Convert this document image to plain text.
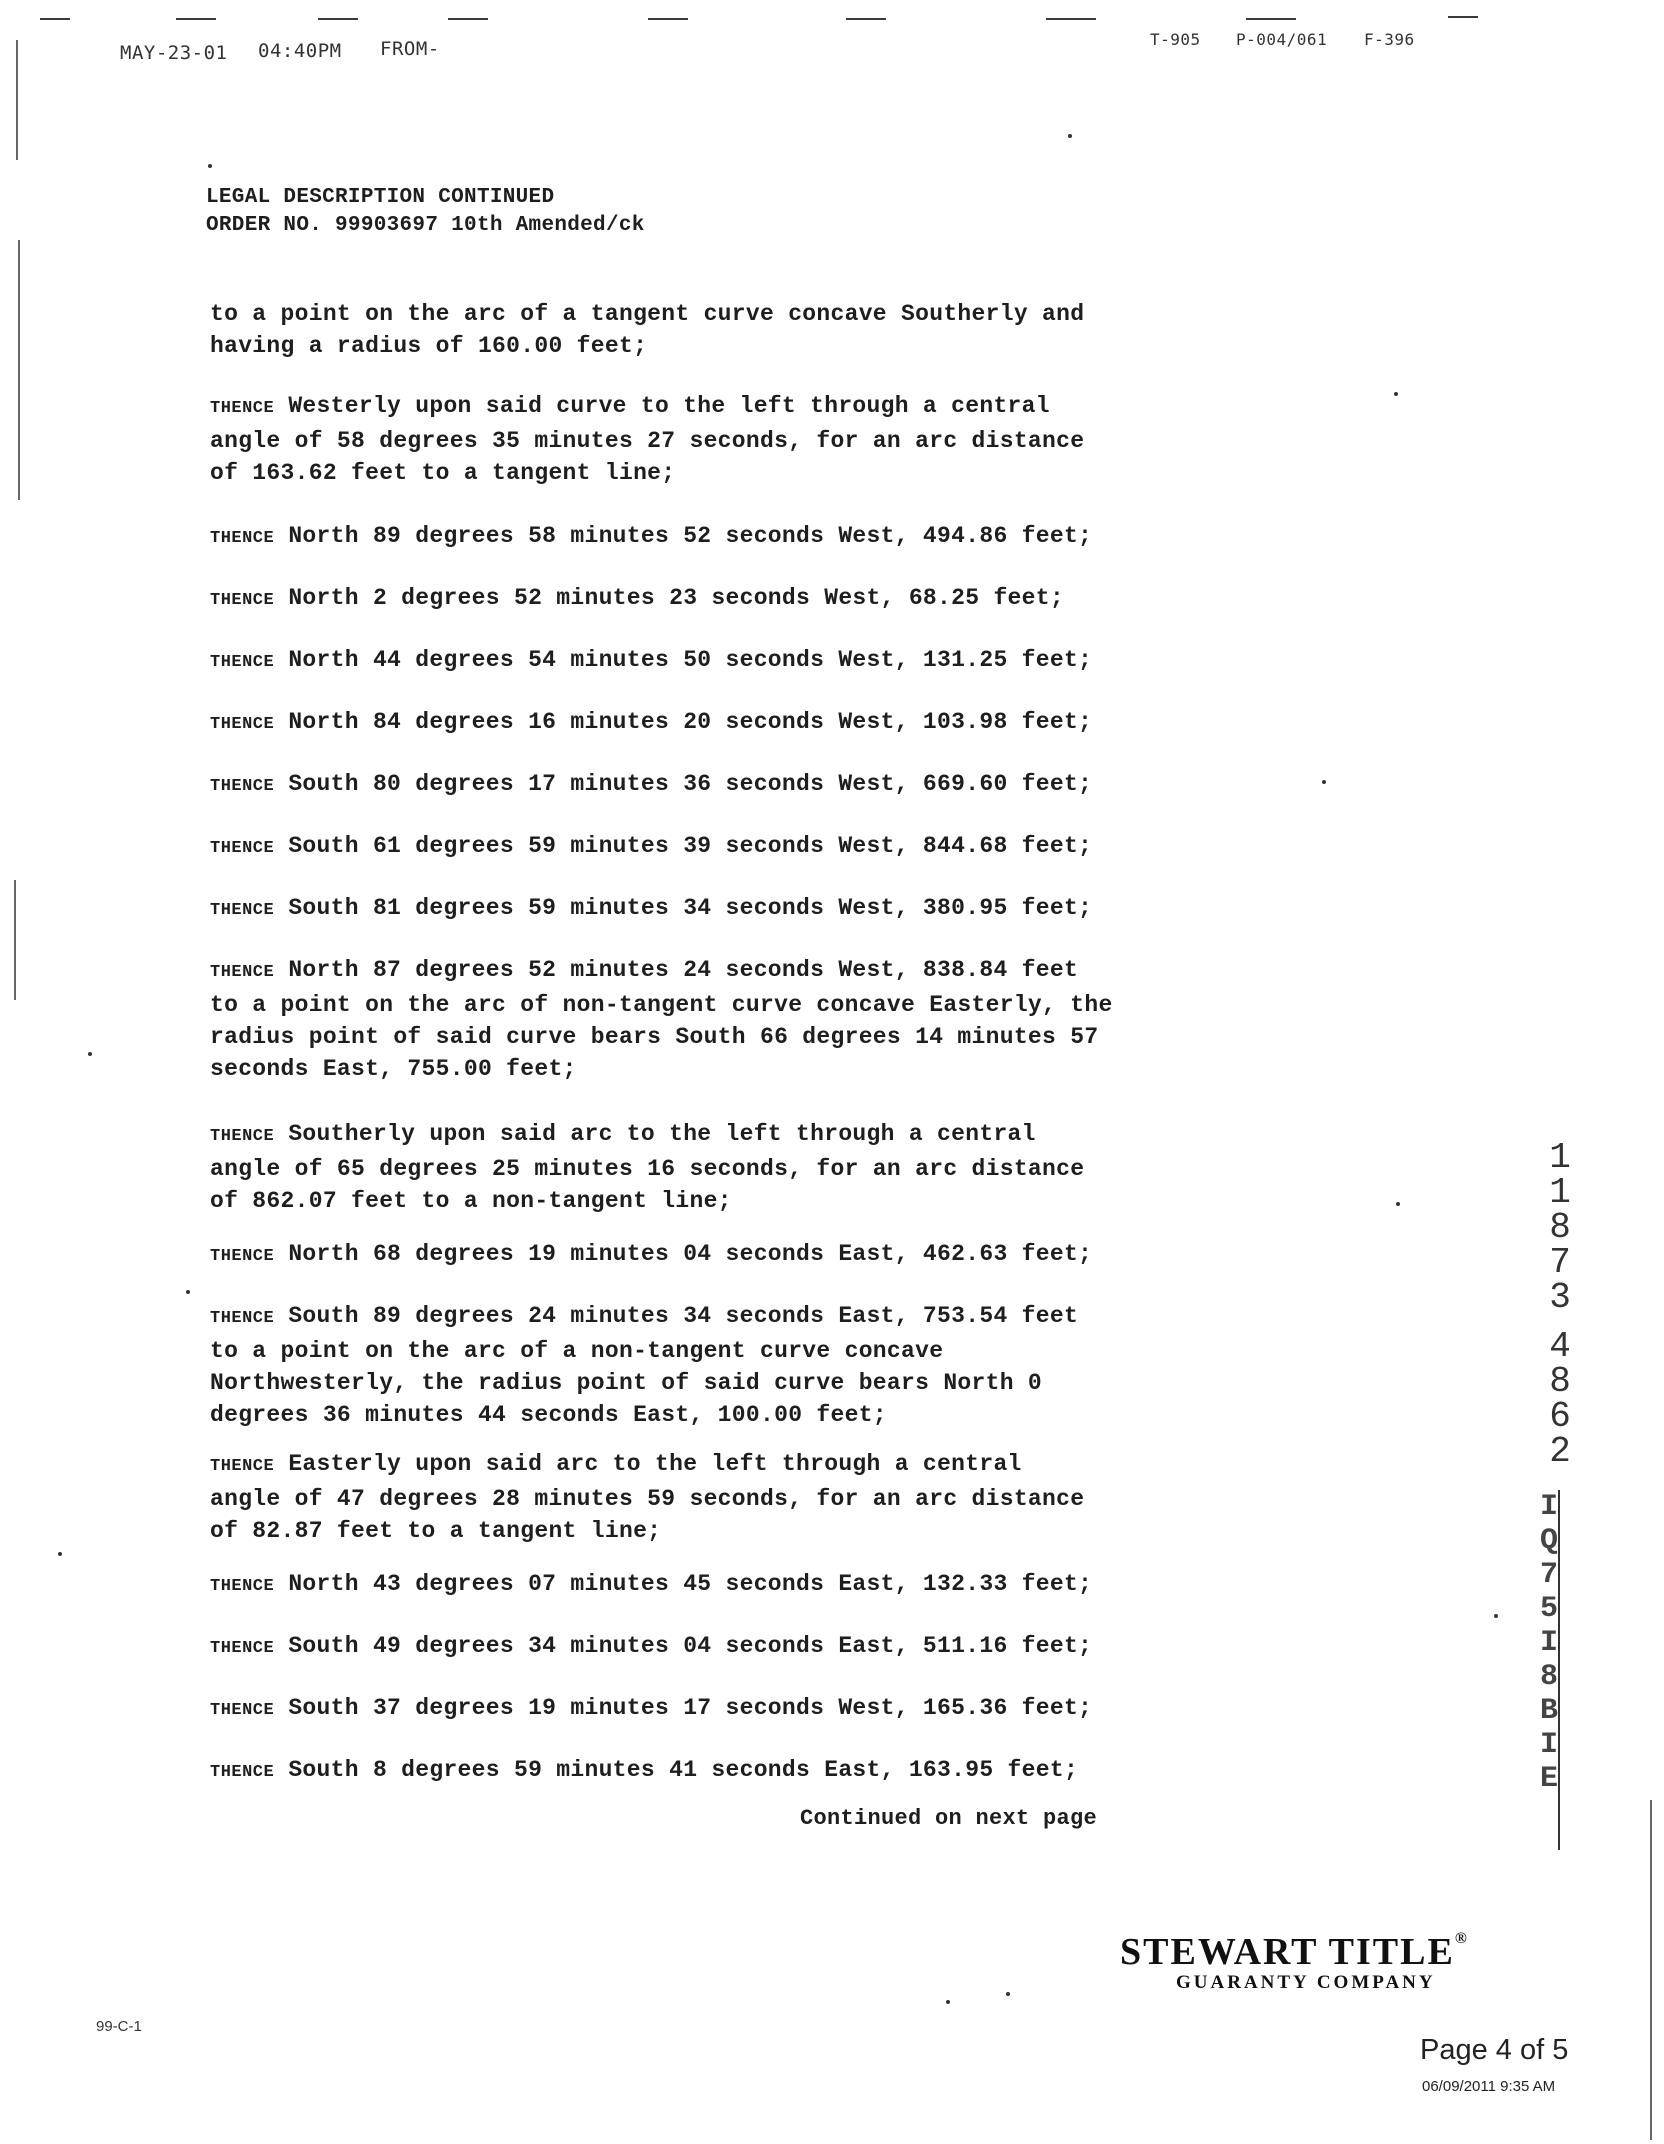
MAY-23-01 04:40PM FROM-	T-905 P-004/061 F-396
LEGAL DESCRIPTION CONTINUED
ORDER NO. 99903697 10th Amended/ck
to a point on the arc of a tangent curve concave Southerly and
having a radius of 160.00 feet;
THENCE Westerly upon said curve to the left through a central
angle of 58 degrees 35 minutes 27 seconds, for an arc distance
of 163.62 feet to a tangent line;
THENCE North 89 degrees 58 minutes 52 seconds West, 494.86 feet;
THENCE North 2 degrees 52 minutes 23 seconds West, 68.25 feet;
THENCE North 44 degrees 54 minutes 50 seconds West, 131.25 feet;
THENCE North 84 degrees 16 minutes 20 seconds West, 103.98 feet;
THENCE South 80 degrees 17 minutes 36 seconds West, 669.60 feet;
THENCE South 61 degrees 59 minutes 39 seconds West, 844.68 feet;
THENCE South 81 degrees 59 minutes 34 seconds West, 380.95 feet;
THENCE North 87 degrees 52 minutes 24 seconds West, 838.84 feet
to a point on the arc of non-tangent curve concave Easterly, the
radius point of said curve bears South 66 degrees 14 minutes 57
seconds East, 755.00 feet;
THENCE Southerly upon said arc to the left through a central
angle of 65 degrees 25 minutes 16 seconds, for an arc distance
of 862.07 feet to a non-tangent line;
THENCE North 68 degrees 19 minutes 04 seconds East, 462.63 feet;
THENCE South 89 degrees 24 minutes 34 seconds East, 753.54 feet
to a point on the arc of a non-tangent curve concave
Northwesterly, the radius point of said curve bears North 0
degrees 36 minutes 44 seconds East, 100.00 feet;
THENCE Easterly upon said arc to the left through a central
angle of 47 degrees 28 minutes 59 seconds, for an arc distance
of 82.87 feet to a tangent line;
THENCE North 43 degrees 07 minutes 45 seconds East, 132.33 feet;
THENCE South 49 degrees 34 minutes 04 seconds East, 511.16 feet;
THENCE South 37 degrees 19 minutes 17 seconds West, 165.36 feet;
THENCE South 8 degrees 59 minutes 41 seconds East, 163.95 feet;
Continued on next page
1
1
8
7
3
4
8
6
2
I
Q
7
5
I
8
B
I
E
STEWART TITLE®
GUARANTY COMPANY
99-C-1
Page 4 of 5
06/09/2011 9:35 AM
